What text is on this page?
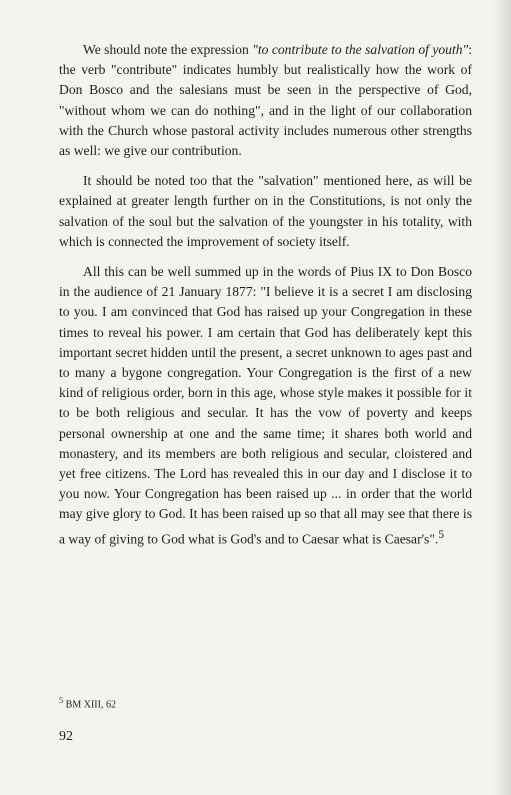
We should note the expression "to contribute to the salvation of youth": the verb "contribute" indicates humbly but realistically how the work of Don Bosco and the salesians must be seen in the perspective of God, "without whom we can do nothing", and in the light of our collaboration with the Church whose pastoral activity includes numerous other strengths as well: we give our contribution.

It should be noted too that the "salvation" mentioned here, as will be explained at greater length further on in the Constitutions, is not only the salvation of the soul but the salvation of the youngster in his totality, with which is connected the improvement of society itself.

All this can be well summed up in the words of Pius IX to Don Bosco in the audience of 21 January 1877: "I believe it is a secret I am disclosing to you. I am convinced that God has raised up your Congregation in these times to reveal his power. I am certain that God has deliberately kept this important secret hidden until the present, a secret unknown to ages past and to many a bygone congregation. Your Congregation is the first of a new kind of religious order, born in this age, whose style makes it possible for it to be both religious and secular. It has the vow of poverty and keeps personal ownership at one and the same time; it shares both world and monastery, and its members are both religious and secular, cloistered and yet free citizens. The Lord has revealed this in our day and I disclose it to you now. Your Congregation has been raised up ... in order that the world may give glory to God. It has been raised up so that all may see that there is a way of giving to God what is God's and to Caesar what is Caesar's".$^5$

$^5$ BM XIII, 62
92
